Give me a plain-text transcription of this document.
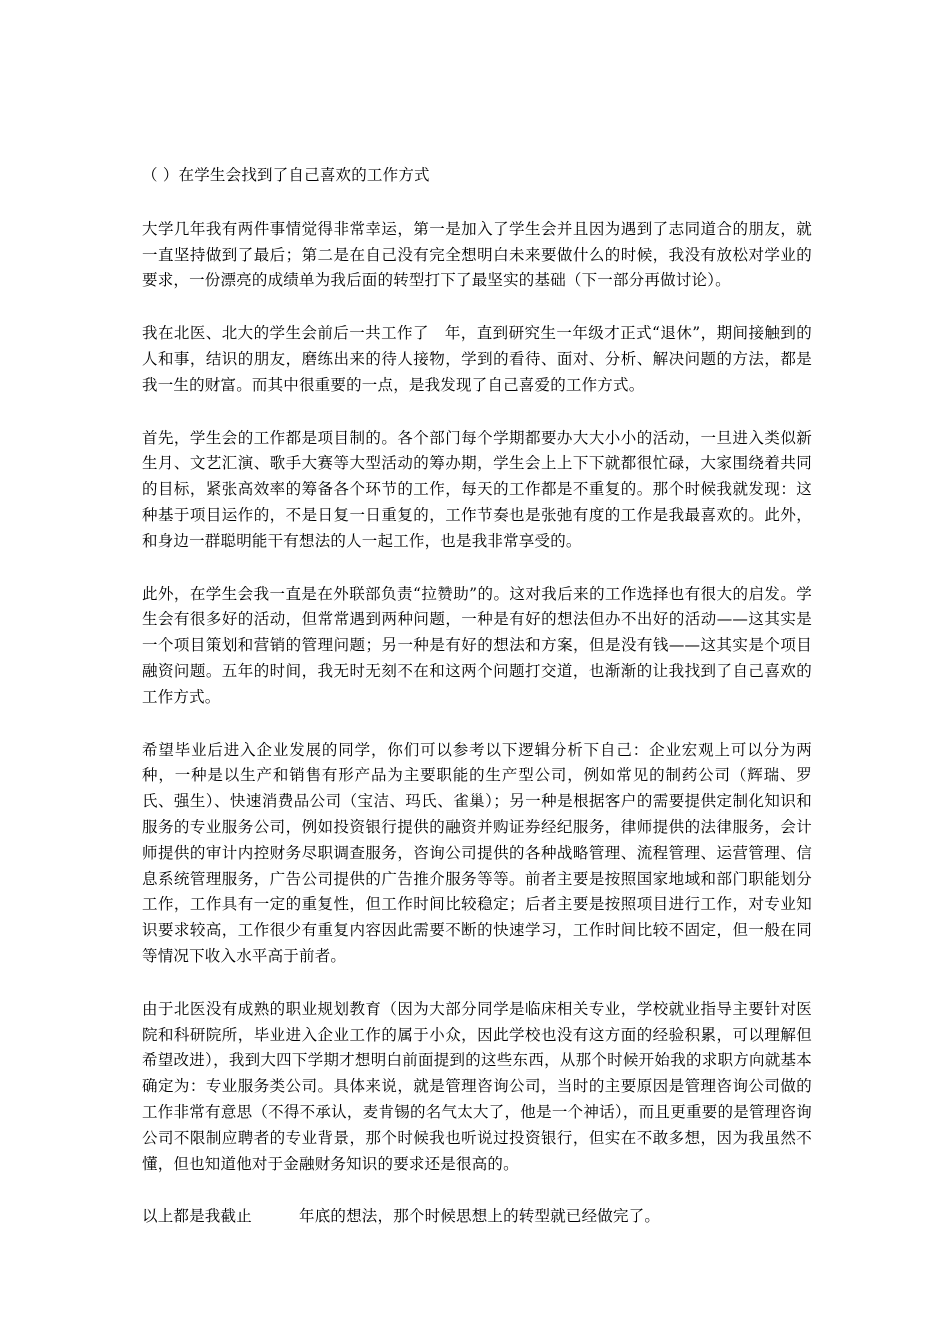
（ ）在学生会找到了自己喜欢的工作方式

大学几年我有两件事情觉得非常幸运，第一是加入了学生会并且因为遇到了志同道合的朋友，就一直坚持做到了最后；第二是在自己没有完全想明白未来要做什么的时候，我没有放松对学业的要求，一份漂亮的成绩单为我后面的转型打下了最坚实的基础（下一部分再做讨论）。

我在北医、北大的学生会前后一共工作了　年，直到研究生一年级才正式“退休”，期间接触到的人和事，结识的朋友，磨练出来的待人接物，学到的看待、面对、分析、解决问题的方法，都是我一生的财富。而其中很重要的一点，是我发现了自己喜爱的工作方式。

首先，学生会的工作都是项目制的。各个部门每个学期都要办大大小小的活动，一旦进入类似新生月、文艺汇演、歌手大赛等大型活动的筹办期，学生会上上下下就都很忙碌，大家围绕着共同的目标，紧张高效率的筹备各个环节的工作，每天的工作都是不重复的。那个时候我就发现：这种基于项目运作的，不是日复一日重复的，工作节奏也是张弛有度的工作是我最喜欢的。此外，和身边一群聪明能干有想法的人一起工作，也是我非常享受的。

此外，在学生会我一直是在外联部负责“拉赞助”的。这对我后来的工作选择也有很大的启发。学生会有很多好的活动，但常常遇到两种问题，一种是有好的想法但办不出好的活动——这其实是一个项目策划和营销的管理问题；另一种是有好的想法和方案，但是没有钱——这其实是个项目融资问题。五年的时间，我无时无刻不在和这两个问题打交道，也渐渐的让我找到了自己喜欢的工作方式。

希望毕业后进入企业发展的同学，你们可以参考以下逻辑分析下自己：企业宏观上可以分为两种，一种是以生产和销售有形产品为主要职能的生产型公司，例如常见的制药公司（辉瑞、罗氏、强生）、快速消费品公司（宝洁、玛氏、雀巢）；另一种是根据客户的需要提供定制化知识和服务的专业服务公司，例如投资银行提供的融资并购证券经纪服务，律师提供的法律服务，会计师提供的审计内控财务尽职调查服务，咨询公司提供的各种战略管理、流程管理、运营管理、信息系统管理服务，广告公司提供的广告推介服务等等。前者主要是按照国家地域和部门职能划分工作，工作具有一定的重复性，但工作时间比较稳定；后者主要是按照项目进行工作，对专业知识要求较高，工作很少有重复内容因此需要不断的快速学习，工作时间比较不固定，但一般在同等情况下收入水平高于前者。

由于北医没有成熟的职业规划教育（因为大部分同学是临床相关专业，学校就业指导主要针对医院和科研院所，毕业进入企业工作的属于小众，因此学校也没有这方面的经验积累，可以理解但希望改进），我到大四下学期才想明白前面提到的这些东西，从那个时候开始我的求职方向就基本确定为：专业服务类公司。具体来说，就是管理咨询公司，当时的主要原因是管理咨询公司做的工作非常有意思（不得不承认，麦肯锡的名气太大了，他是一个神话），而且更重要的是管理咨询公司不限制应聘者的专业背景，那个时候我也听说过投资银行，但实在不敢多想，因为我虽然不懂，但也知道他对于金融财务知识的要求还是很高的。

以上都是我截止　　　年底的想法，那个时候思想上的转型就已经做完了。
